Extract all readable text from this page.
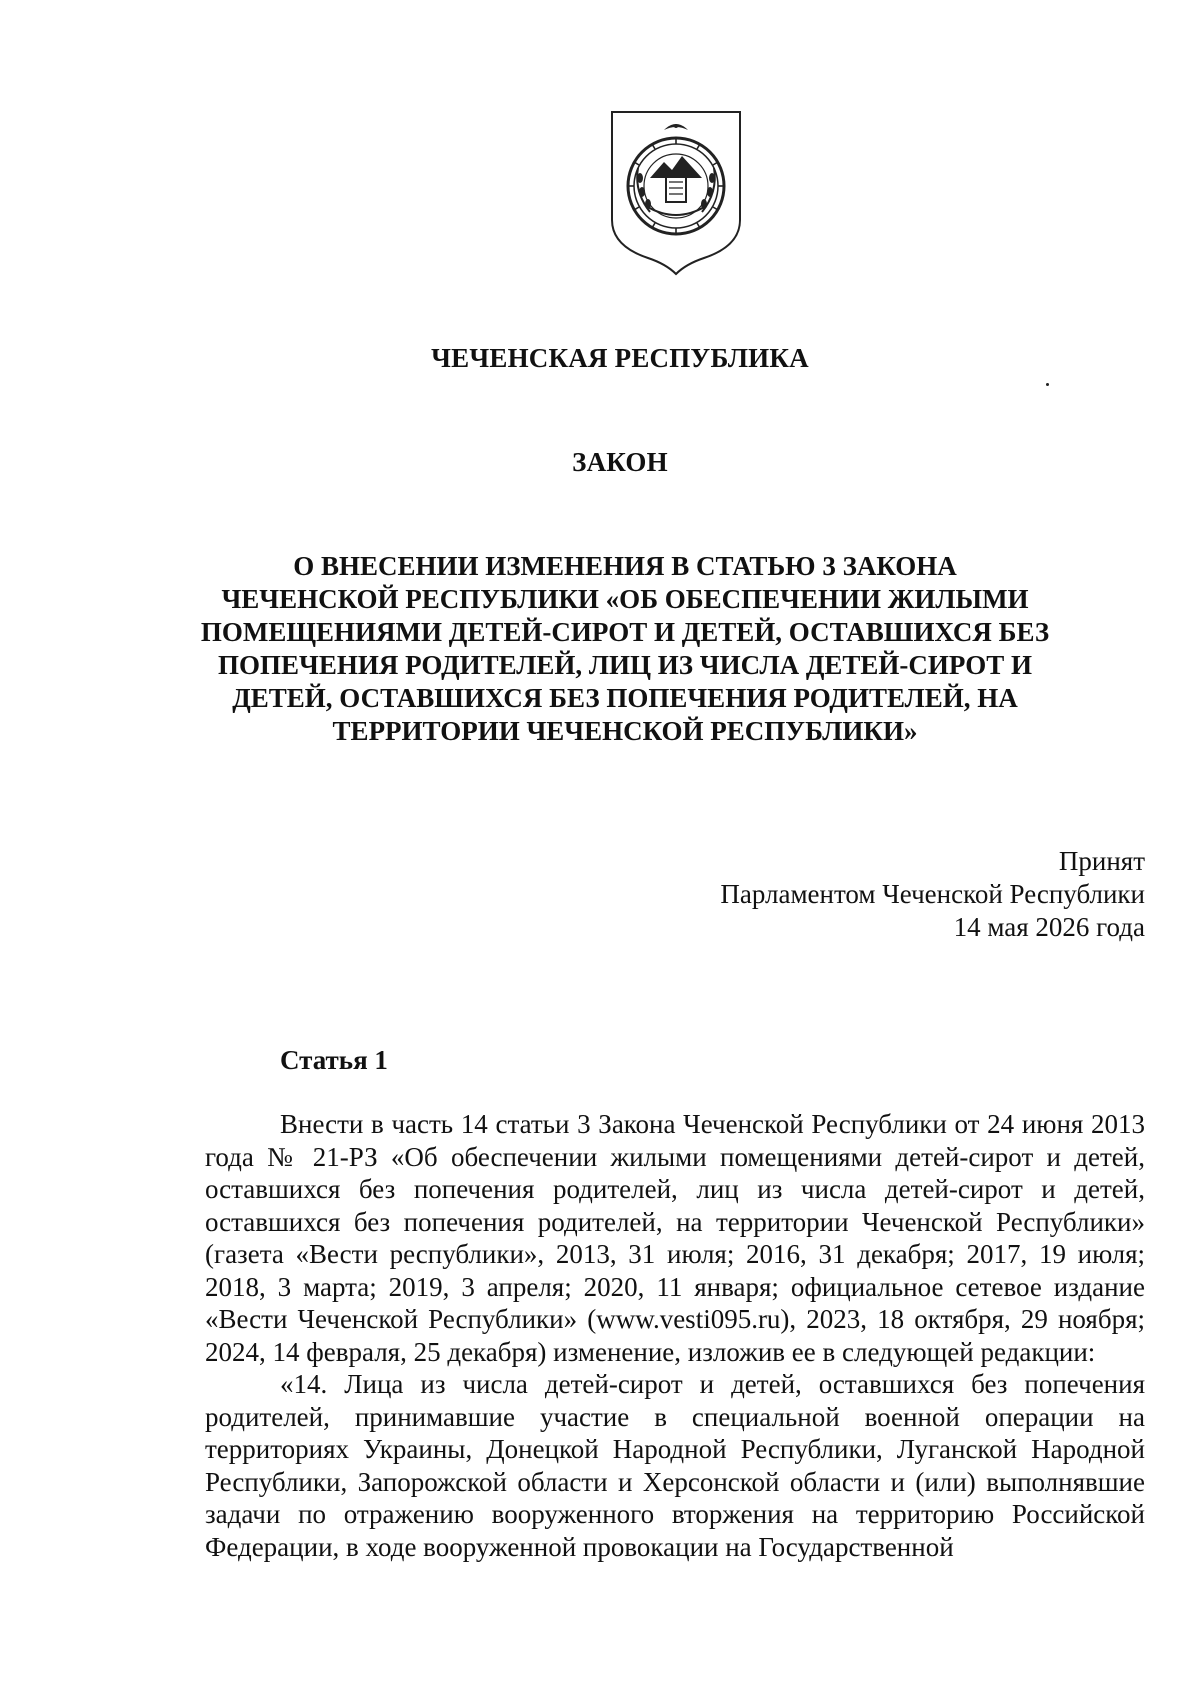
ЧЕЧЕНСКАЯ РЕСПУБЛИКА
ЗАКОН
О ВНЕСЕНИИ ИЗМЕНЕНИЯ В СТАТЬЮ 3 ЗАКОНА
ЧЕЧЕНСКОЙ РЕСПУБЛИКИ «ОБ ОБЕСПЕЧЕНИИ ЖИЛЫМИ
ПОМЕЩЕНИЯМИ ДЕТЕЙ-СИРОТ И ДЕТЕЙ, ОСТАВШИХСЯ БЕЗ
ПОПЕЧЕНИЯ РОДИТЕЛЕЙ, ЛИЦ ИЗ ЧИСЛА ДЕТЕЙ-СИРОТ И
ДЕТЕЙ, ОСТАВШИХСЯ БЕЗ ПОПЕЧЕНИЯ РОДИТЕЛЕЙ, НА
ТЕРРИТОРИИ ЧЕЧЕНСКОЙ РЕСПУБЛИКИ»
Принят
Парламентом Чеченской Республики
14 мая 2026 года
Статья 1

Внести в часть 14 статьи 3 Закона Чеченской Республики от 24 июня 2013 года № 21-РЗ «Об обеспечении жилыми помещениями детей-сирот и детей, оставшихся без попечения родителей, лиц из числа детей-сирот и детей, оставшихся без попечения родителей, на территории Чеченской Республики» (газета «Вести республики», 2013, 31 июля; 2016, 31 декабря; 2017, 19 июля; 2018, 3 марта; 2019, 3 апреля; 2020, 11 января; официальное сетевое издание «Вести Чеченской Республики» (www.vesti095.ru), 2023, 18 октября, 29 ноября; 2024, 14 февраля, 25 декабря) изменение, изложив ее в следующей редакции:

«14. Лица из числа детей-сирот и детей, оставшихся без попечения родителей, принимавшие участие в специальной военной операции на территориях Украины, Донецкой Народной Республики, Луганской Народной Республики, Запорожской области и Херсонской области и (или) выполнявшие задачи по отражению вооруженного вторжения на территорию Российской Федерации, в ходе вооруженной провокации на Государственной
